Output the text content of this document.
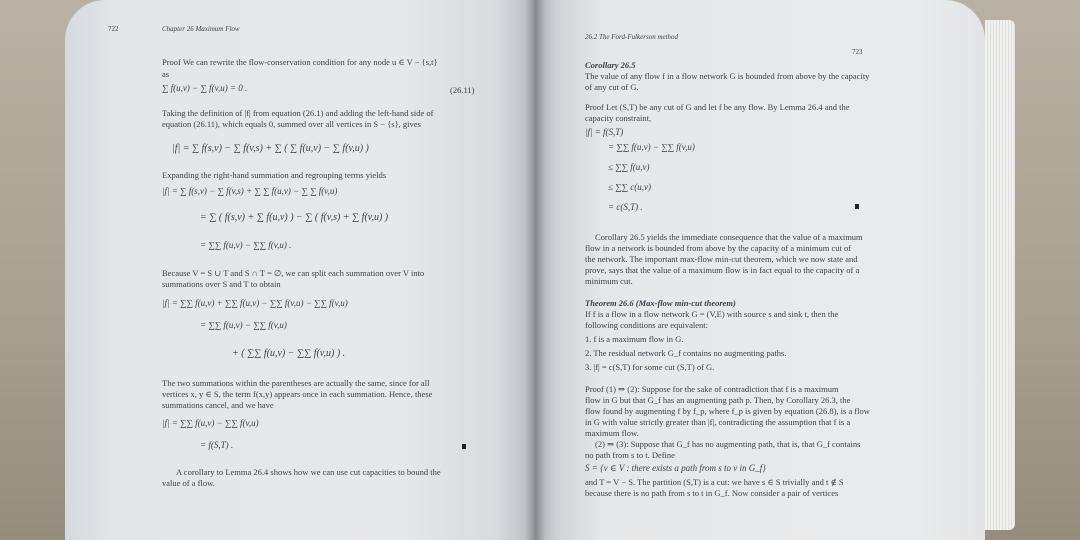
722	Chapter 26 Maximum Flow
Proof We can rewrite the flow-conservation condition for any node u ∈ V − {s,t}
as
∑ f(u,v) − ∑ f(v,u) = 0 .	(26.11)
Taking the definition of |f| from equation (26.1) and adding the left-hand side of
equation (26.11), which equals 0, summed over all vertices in S − {s}, gives
|f| = ∑ f(s,v) − ∑ f(v,s) + ∑ ( ∑ f(u,v) − ∑ f(v,u) )
Expanding the right-hand summation and regrouping terms yields
|f| = ∑ f(s,v) − ∑ f(v,s) + ∑ ∑ f(u,v) − ∑ ∑ f(v,u)
= ∑ ( f(s,v) + ∑ f(u,v) ) − ∑ ( f(v,s) + ∑ f(v,u) )
= ∑∑ f(u,v) − ∑∑ f(v,u) .
Because V = S ∪ T and S ∩ T = ∅, we can split each summation over V into
summations over S and T to obtain
|f| = ∑∑ f(u,v) + ∑∑ f(u,v) − ∑∑ f(v,u) − ∑∑ f(v,u)
= ∑∑ f(u,v) − ∑∑ f(v,u)
+ ( ∑∑ f(u,v) − ∑∑ f(v,u) ) .
The two summations within the parentheses are actually the same, since for all
vertices x, y ∈ S, the term f(x,y) appears once in each summation. Hence, these
summations cancel, and we have
|f| = ∑∑ f(u,v) − ∑∑ f(v,u)
= f(S,T) .
A corollary to Lemma 26.4 shows how we can use cut capacities to bound the
value of a flow.
26.2 The Ford-Fulkerson method
723
Corollary 26.5
The value of any flow f in a flow network G is bounded from above by the capacity
of any cut of G.
Proof Let (S,T) be any cut of G and let f be any flow. By Lemma 26.4 and the
capacity constraint,
|f| = f(S,T)
= ∑∑ f(u,v) − ∑∑ f(v,u)
≤ ∑∑ f(u,v)
≤ ∑∑ c(u,v)
= c(S,T) .
Corollary 26.5 yields the immediate consequence that the value of a maximum
flow in a network is bounded from above by the capacity of a minimum cut of
the network. The important max-flow min-cut theorem, which we now state and
prove, says that the value of a maximum flow is in fact equal to the capacity of a
minimum cut.
Theorem 26.6 (Max-flow min-cut theorem)
If f is a flow in a flow network G = (V,E) with source s and sink t, then the
following conditions are equivalent:
1. f is a maximum flow in G.
2. The residual network G_f contains no augmenting paths.
3. |f| = c(S,T) for some cut (S,T) of G.
Proof (1) ⇒ (2): Suppose for the sake of contradiction that f is a maximum
flow in G but that G_f has an augmenting path p. Then, by Corollary 26.3, the
flow found by augmenting f by f_p, where f_p is given by equation (26.8), is a flow
in G with value strictly greater than |f|, contradicting the assumption that f is a
maximum flow.
(2) ⇒ (3): Suppose that G_f has no augmenting path, that is, that G_f contains
no path from s to t. Define
S = {v ∈ V : there exists a path from s to v in G_f}
and T = V − S. The partition (S,T) is a cut: we have s ∈ S trivially and t ∉ S
because there is no path from s to t in G_f. Now consider a pair of vertices
